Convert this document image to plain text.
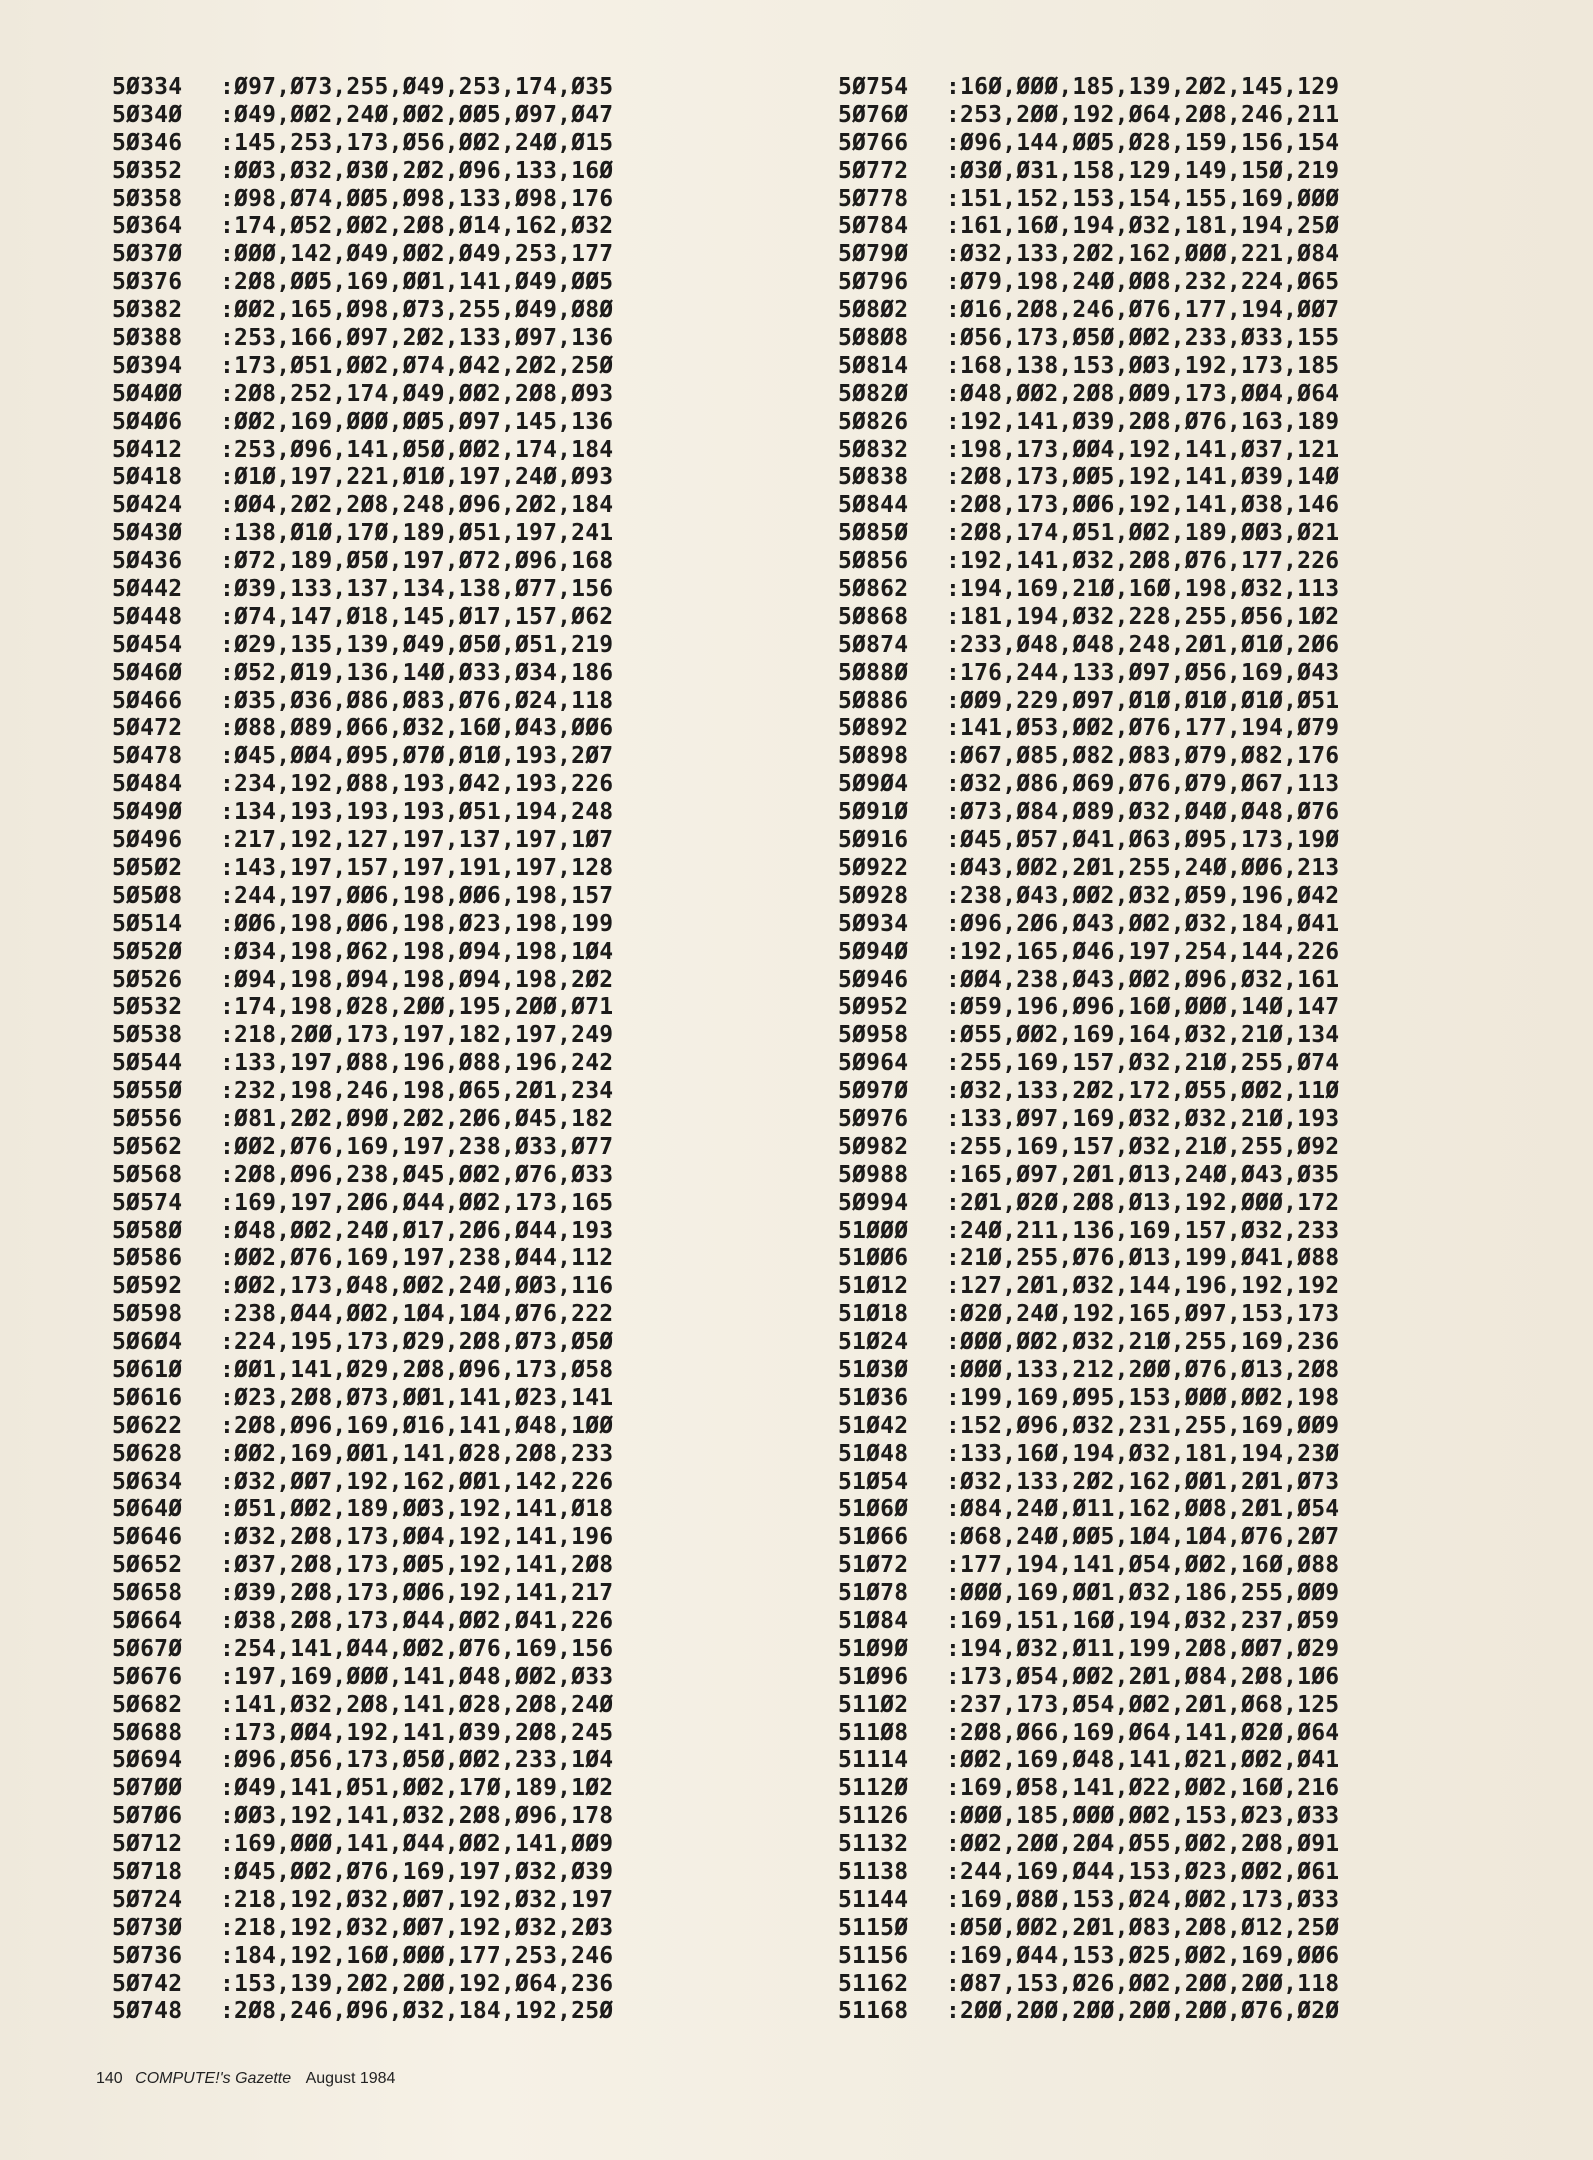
5Ø334 :Ø97,Ø73,255,Ø49,253,174,Ø35
5Ø34Ø :Ø49,ØØ2,24Ø,ØØ2,ØØ5,Ø97,Ø47
5Ø346 :145,253,173,Ø56,ØØ2,24Ø,Ø15
5Ø352 :ØØ3,Ø32,Ø3Ø,2Ø2,Ø96,133,16Ø
5Ø358 :Ø98,Ø74,ØØ5,Ø98,133,Ø98,176
5Ø364 :174,Ø52,ØØ2,2Ø8,Ø14,162,Ø32
5Ø37Ø :ØØØ,142,Ø49,ØØ2,Ø49,253,177
5Ø376 :2Ø8,ØØ5,169,ØØ1,141,Ø49,ØØ5
5Ø382 :ØØ2,165,Ø98,Ø73,255,Ø49,Ø8Ø
5Ø388 :253,166,Ø97,2Ø2,133,Ø97,136
5Ø394 :173,Ø51,ØØ2,Ø74,Ø42,2Ø2,25Ø
5Ø4ØØ :2Ø8,252,174,Ø49,ØØ2,2Ø8,Ø93
5Ø4Ø6 :ØØ2,169,ØØØ,ØØ5,Ø97,145,136
5Ø412 :253,Ø96,141,Ø5Ø,ØØ2,174,184
5Ø418 :Ø1Ø,197,221,Ø1Ø,197,24Ø,Ø93
5Ø424 :ØØ4,2Ø2,2Ø8,248,Ø96,2Ø2,184
5Ø43Ø :138,Ø1Ø,17Ø,189,Ø51,197,241
5Ø436 :Ø72,189,Ø5Ø,197,Ø72,Ø96,168
5Ø442 :Ø39,133,137,134,138,Ø77,156
5Ø448 :Ø74,147,Ø18,145,Ø17,157,Ø62
5Ø454 :Ø29,135,139,Ø49,Ø5Ø,Ø51,219
5Ø46Ø :Ø52,Ø19,136,14Ø,Ø33,Ø34,186
5Ø466 :Ø35,Ø36,Ø86,Ø83,Ø76,Ø24,118
5Ø472 :Ø88,Ø89,Ø66,Ø32,16Ø,Ø43,ØØ6
5Ø478 :Ø45,ØØ4,Ø95,Ø7Ø,Ø1Ø,193,2Ø7
5Ø484 :234,192,Ø88,193,Ø42,193,226
5Ø49Ø :134,193,193,193,Ø51,194,248
5Ø496 :217,192,127,197,137,197,1Ø7
5Ø5Ø2 :143,197,157,197,191,197,128
5Ø5Ø8 :244,197,ØØ6,198,ØØ6,198,157
5Ø514 :ØØ6,198,ØØ6,198,Ø23,198,199
5Ø52Ø :Ø34,198,Ø62,198,Ø94,198,1Ø4
5Ø526 :Ø94,198,Ø94,198,Ø94,198,2Ø2
5Ø532 :174,198,Ø28,2ØØ,195,2ØØ,Ø71
5Ø538 :218,2ØØ,173,197,182,197,249
5Ø544 :133,197,Ø88,196,Ø88,196,242
5Ø55Ø :232,198,246,198,Ø65,2Ø1,234
5Ø556 :Ø81,2Ø2,Ø9Ø,2Ø2,2Ø6,Ø45,182
5Ø562 :ØØ2,Ø76,169,197,238,Ø33,Ø77
5Ø568 :2Ø8,Ø96,238,Ø45,ØØ2,Ø76,Ø33
5Ø574 :169,197,2Ø6,Ø44,ØØ2,173,165
5Ø58Ø :Ø48,ØØ2,24Ø,Ø17,2Ø6,Ø44,193
5Ø586 :ØØ2,Ø76,169,197,238,Ø44,112
5Ø592 :ØØ2,173,Ø48,ØØ2,24Ø,ØØ3,116
5Ø598 :238,Ø44,ØØ2,1Ø4,1Ø4,Ø76,222
5Ø6Ø4 :224,195,173,Ø29,2Ø8,Ø73,Ø5Ø
5Ø61Ø :ØØ1,141,Ø29,2Ø8,Ø96,173,Ø58
5Ø616 :Ø23,2Ø8,Ø73,ØØ1,141,Ø23,141
5Ø622 :2Ø8,Ø96,169,Ø16,141,Ø48,1ØØ
5Ø628 :ØØ2,169,ØØ1,141,Ø28,2Ø8,233
5Ø634 :Ø32,ØØ7,192,162,ØØ1,142,226
5Ø64Ø :Ø51,ØØ2,189,ØØ3,192,141,Ø18
5Ø646 :Ø32,2Ø8,173,ØØ4,192,141,196
5Ø652 :Ø37,2Ø8,173,ØØ5,192,141,2Ø8
5Ø658 :Ø39,2Ø8,173,ØØ6,192,141,217
5Ø664 :Ø38,2Ø8,173,Ø44,ØØ2,Ø41,226
5Ø67Ø :254,141,Ø44,ØØ2,Ø76,169,156
5Ø676 :197,169,ØØØ,141,Ø48,ØØ2,Ø33
5Ø682 :141,Ø32,2Ø8,141,Ø28,2Ø8,24Ø
5Ø688 :173,ØØ4,192,141,Ø39,2Ø8,245
5Ø694 :Ø96,Ø56,173,Ø5Ø,ØØ2,233,1Ø4
5Ø7ØØ :Ø49,141,Ø51,ØØ2,17Ø,189,1Ø2
5Ø7Ø6 :ØØ3,192,141,Ø32,2Ø8,Ø96,178
5Ø712 :169,ØØØ,141,Ø44,ØØ2,141,ØØ9
5Ø718 :Ø45,ØØ2,Ø76,169,197,Ø32,Ø39
5Ø724 :218,192,Ø32,ØØ7,192,Ø32,197
5Ø73Ø :218,192,Ø32,ØØ7,192,Ø32,2Ø3
5Ø736 :184,192,16Ø,ØØØ,177,253,246
5Ø742 :153,139,2Ø2,2ØØ,192,Ø64,236
5Ø748 :2Ø8,246,Ø96,Ø32,184,192,25Ø
5Ø754 :16Ø,ØØØ,185,139,2Ø2,145,129
5Ø76Ø :253,2ØØ,192,Ø64,2Ø8,246,211
5Ø766 :Ø96,144,ØØ5,Ø28,159,156,154
5Ø772 :Ø3Ø,Ø31,158,129,149,15Ø,219
5Ø778 :151,152,153,154,155,169,ØØØ
5Ø784 :161,16Ø,194,Ø32,181,194,25Ø
5Ø79Ø :Ø32,133,2Ø2,162,ØØØ,221,Ø84
5Ø796 :Ø79,198,24Ø,ØØ8,232,224,Ø65
5Ø8Ø2 :Ø16,2Ø8,246,Ø76,177,194,ØØ7
5Ø8Ø8 :Ø56,173,Ø5Ø,ØØ2,233,Ø33,155
5Ø814 :168,138,153,ØØ3,192,173,185
5Ø82Ø :Ø48,ØØ2,2Ø8,ØØ9,173,ØØ4,Ø64
5Ø826 :192,141,Ø39,2Ø8,Ø76,163,189
5Ø832 :198,173,ØØ4,192,141,Ø37,121
5Ø838 :2Ø8,173,ØØ5,192,141,Ø39,14Ø
5Ø844 :2Ø8,173,ØØ6,192,141,Ø38,146
5Ø85Ø :2Ø8,174,Ø51,ØØ2,189,ØØ3,Ø21
5Ø856 :192,141,Ø32,2Ø8,Ø76,177,226
5Ø862 :194,169,21Ø,16Ø,198,Ø32,113
5Ø868 :181,194,Ø32,228,255,Ø56,1Ø2
5Ø874 :233,Ø48,Ø48,248,2Ø1,Ø1Ø,2Ø6
5Ø88Ø :176,244,133,Ø97,Ø56,169,Ø43
5Ø886 :ØØ9,229,Ø97,Ø1Ø,Ø1Ø,Ø1Ø,Ø51
5Ø892 :141,Ø53,ØØ2,Ø76,177,194,Ø79
5Ø898 :Ø67,Ø85,Ø82,Ø83,Ø79,Ø82,176
5Ø9Ø4 :Ø32,Ø86,Ø69,Ø76,Ø79,Ø67,113
5Ø91Ø :Ø73,Ø84,Ø89,Ø32,Ø4Ø,Ø48,Ø76
5Ø916 :Ø45,Ø57,Ø41,Ø63,Ø95,173,19Ø
5Ø922 :Ø43,ØØ2,2Ø1,255,24Ø,ØØ6,213
5Ø928 :238,Ø43,ØØ2,Ø32,Ø59,196,Ø42
5Ø934 :Ø96,2Ø6,Ø43,ØØ2,Ø32,184,Ø41
5Ø94Ø :192,165,Ø46,197,254,144,226
5Ø946 :ØØ4,238,Ø43,ØØ2,Ø96,Ø32,161
5Ø952 :Ø59,196,Ø96,16Ø,ØØØ,14Ø,147
5Ø958 :Ø55,ØØ2,169,164,Ø32,21Ø,134
5Ø964 :255,169,157,Ø32,21Ø,255,Ø74
5Ø97Ø :Ø32,133,2Ø2,172,Ø55,ØØ2,11Ø
5Ø976 :133,Ø97,169,Ø32,Ø32,21Ø,193
5Ø982 :255,169,157,Ø32,21Ø,255,Ø92
5Ø988 :165,Ø97,2Ø1,Ø13,24Ø,Ø43,Ø35
5Ø994 :2Ø1,Ø2Ø,2Ø8,Ø13,192,ØØØ,172
51ØØØ :24Ø,211,136,169,157,Ø32,233
51ØØ6 :21Ø,255,Ø76,Ø13,199,Ø41,Ø88
51Ø12 :127,2Ø1,Ø32,144,196,192,192
51Ø18 :Ø2Ø,24Ø,192,165,Ø97,153,173
51Ø24 :ØØØ,ØØ2,Ø32,21Ø,255,169,236
51Ø3Ø :ØØØ,133,212,2ØØ,Ø76,Ø13,2Ø8
51Ø36 :199,169,Ø95,153,ØØØ,ØØ2,198
51Ø42 :152,Ø96,Ø32,231,255,169,ØØ9
51Ø48 :133,16Ø,194,Ø32,181,194,23Ø
51Ø54 :Ø32,133,2Ø2,162,ØØ1,2Ø1,Ø73
51Ø6Ø :Ø84,24Ø,Ø11,162,ØØ8,2Ø1,Ø54
51Ø66 :Ø68,24Ø,ØØ5,1Ø4,1Ø4,Ø76,2Ø7
51Ø72 :177,194,141,Ø54,ØØ2,16Ø,Ø88
51Ø78 :ØØØ,169,ØØ1,Ø32,186,255,ØØ9
51Ø84 :169,151,16Ø,194,Ø32,237,Ø59
51Ø9Ø :194,Ø32,Ø11,199,2Ø8,ØØ7,Ø29
51Ø96 :173,Ø54,ØØ2,2Ø1,Ø84,2Ø8,1Ø6
511Ø2 :237,173,Ø54,ØØ2,2Ø1,Ø68,125
511Ø8 :2Ø8,Ø66,169,Ø64,141,Ø2Ø,Ø64
51114 :ØØ2,169,Ø48,141,Ø21,ØØ2,Ø41
5112Ø :169,Ø58,141,Ø22,ØØ2,16Ø,216
51126 :ØØØ,185,ØØØ,ØØ2,153,Ø23,Ø33
51132 :ØØ2,2ØØ,2Ø4,Ø55,ØØ2,2Ø8,Ø91
51138 :244,169,Ø44,153,Ø23,ØØ2,Ø61
51144 :169,Ø8Ø,153,Ø24,ØØ2,173,Ø33
5115Ø :Ø5Ø,ØØ2,2Ø1,Ø83,2Ø8,Ø12,25Ø
51156 :169,Ø44,153,Ø25,ØØ2,169,ØØ6
51162 :Ø87,153,Ø26,ØØ2,2ØØ,2ØØ,118
51168 :2ØØ,2ØØ,2ØØ,2ØØ,2ØØ,Ø76,Ø2Ø
140 COMPUTE!'s Gazette August 1984
